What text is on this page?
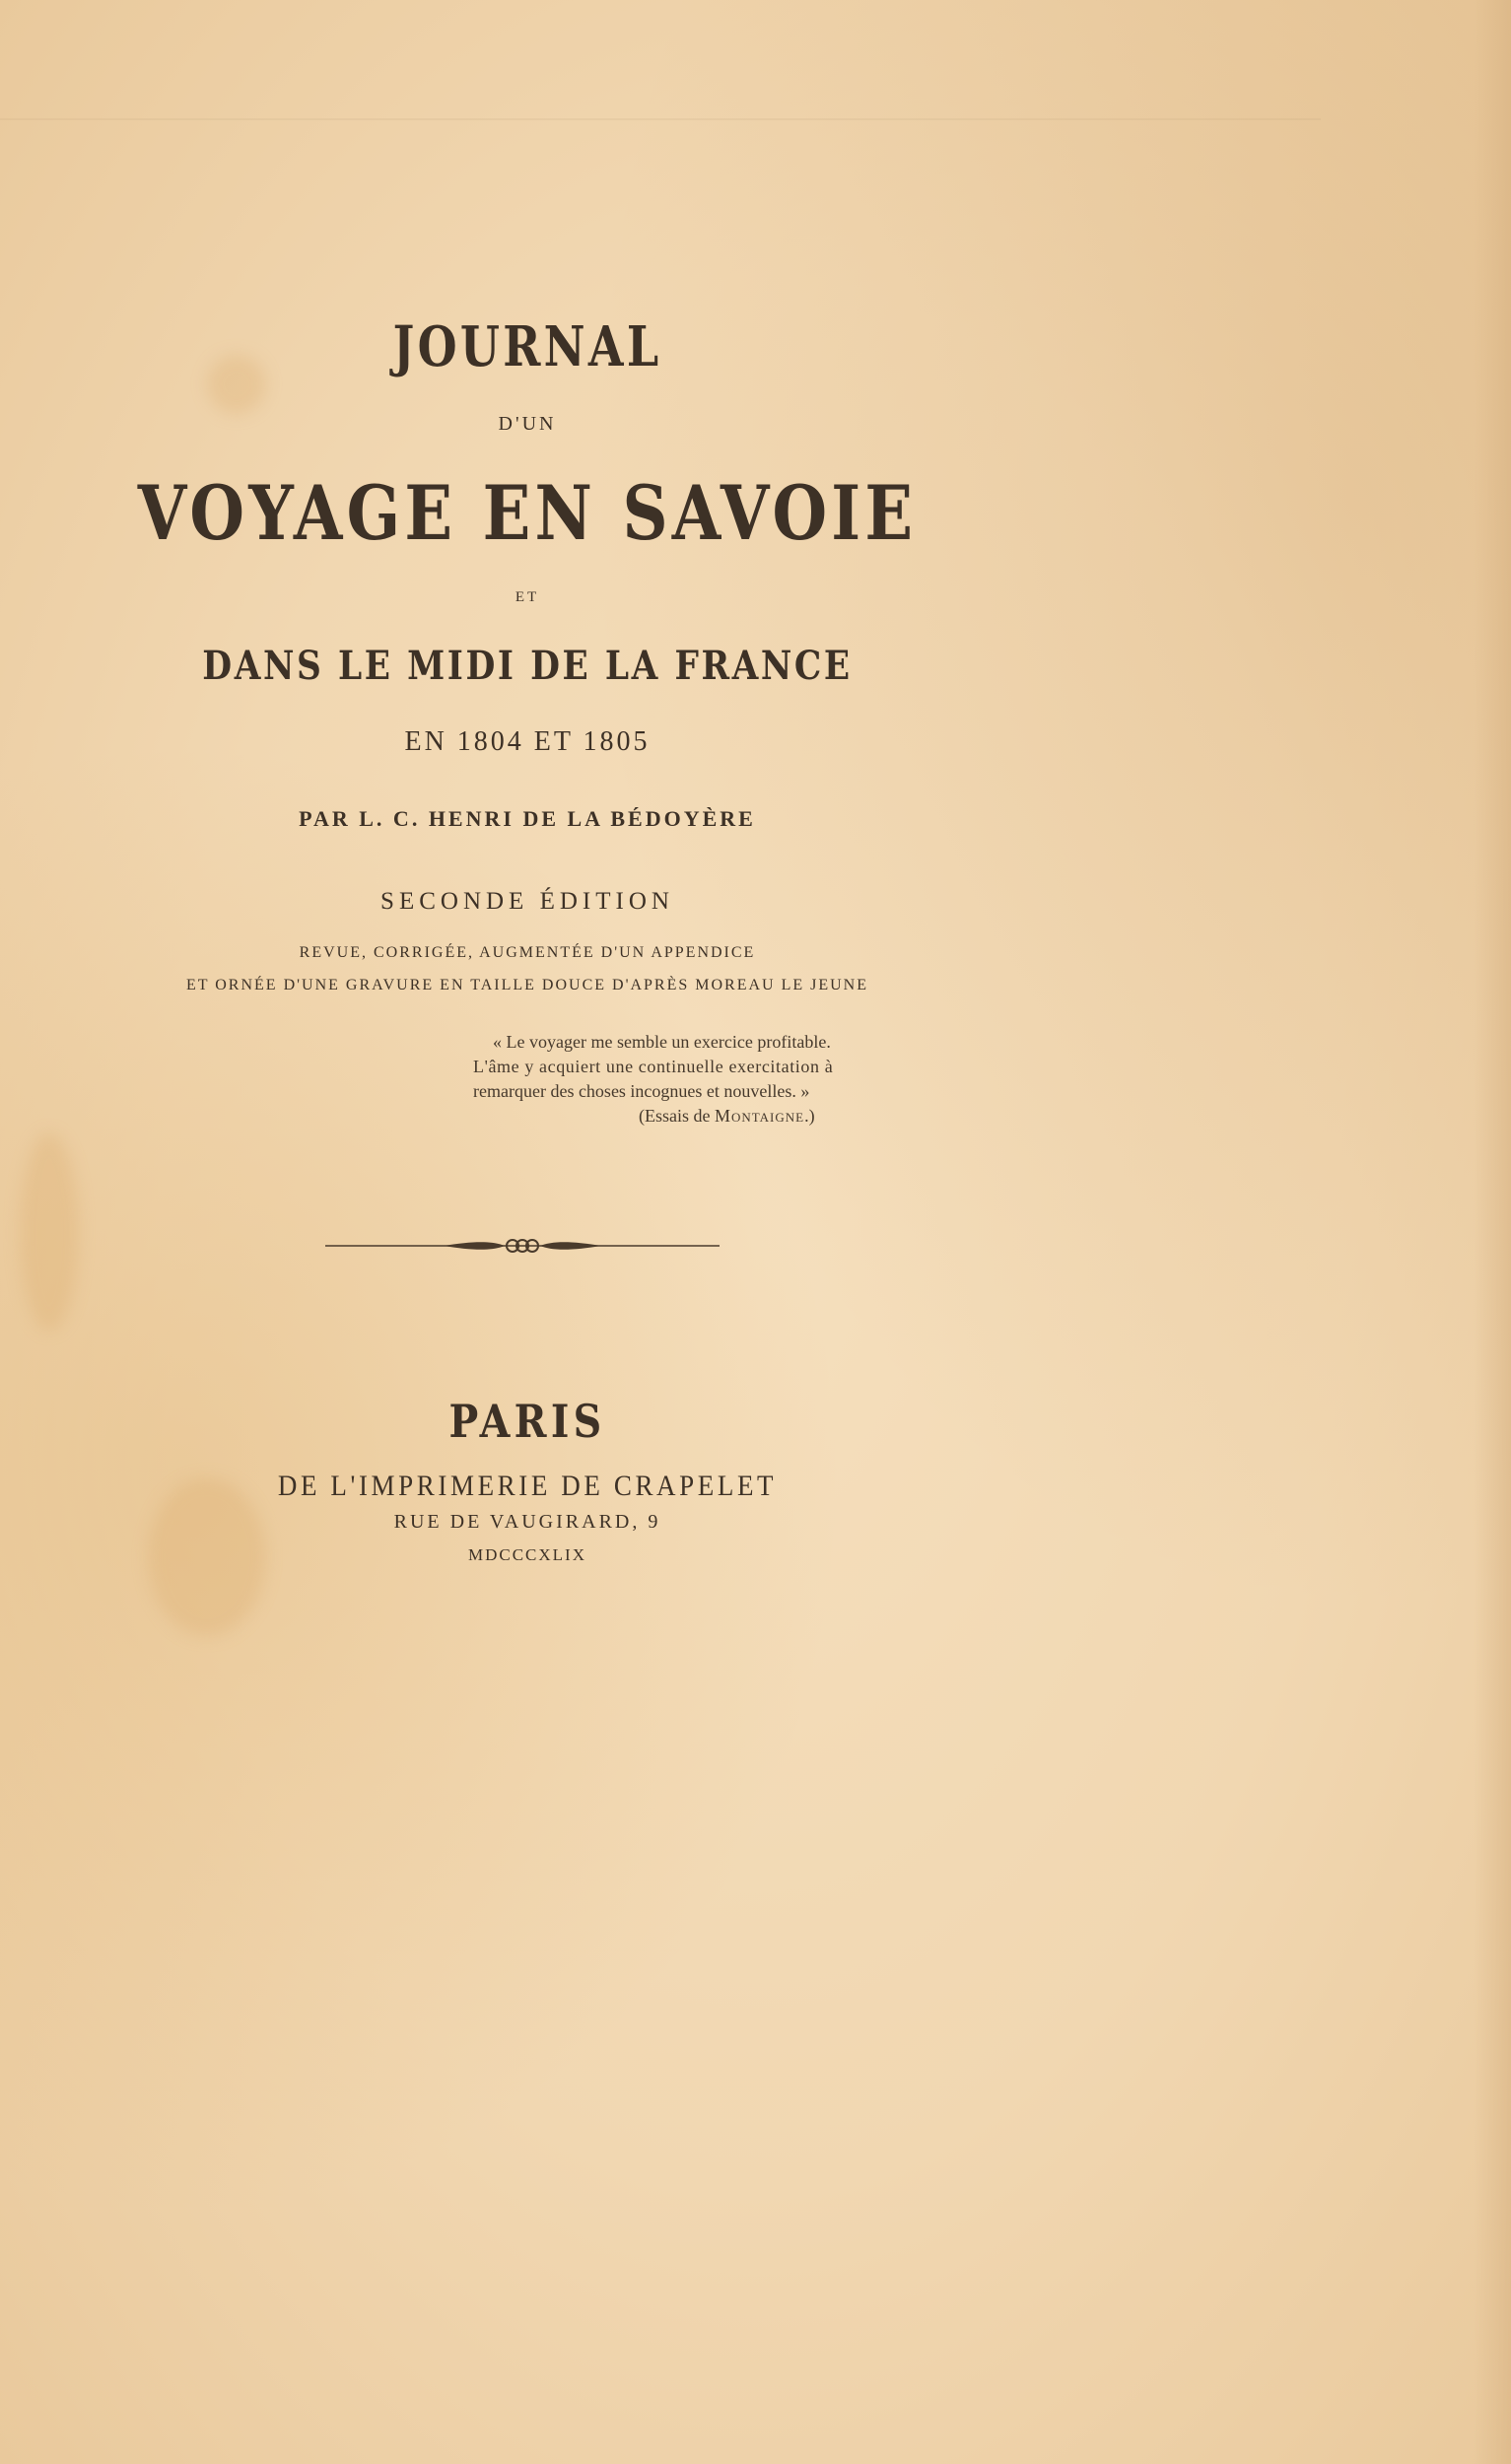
JOURNAL
D'UN
VOYAGE EN SAVOIE
ET
DANS LE MIDI DE LA FRANCE
EN 1804 ET 1805
PAR L. C. HENRI DE LA BÉDOYÈRE
SECONDE ÉDITION
REVUE, CORRIGÉE, AUGMENTÉE D'UN APPENDICE
ET ORNÉE D'UNE GRAVURE EN TAILLE DOUCE D'APRÈS MOREAU LE JEUNE
« Le voyager me semble un exercice profitable.
L'âme y acquiert une continuelle exercitation à
remarquer des choses incognues et nouvelles. »
(Essais de Montaigne.)
PARIS
DE L'IMPRIMERIE DE CRAPELET
RUE DE VAUGIRARD, 9
MDCCCXLIX
